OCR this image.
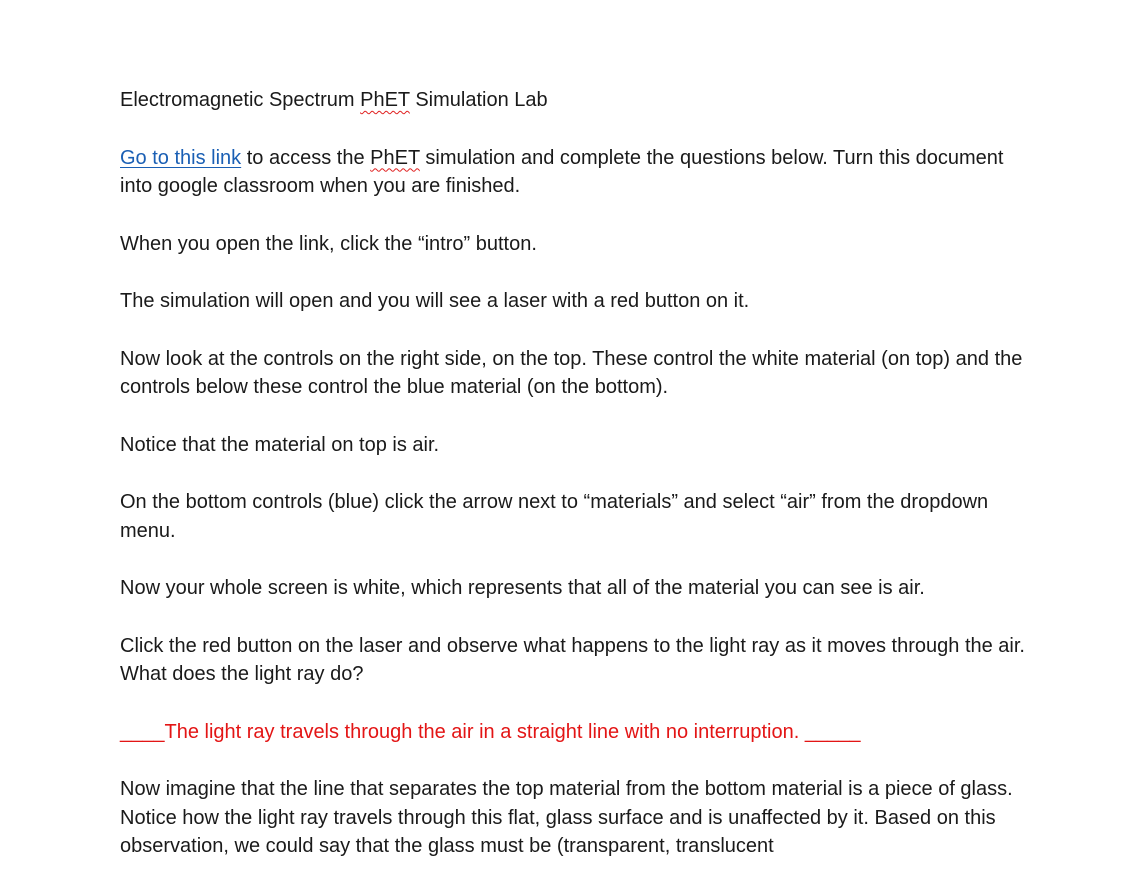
Electromagnetic Spectrum PhET Simulation Lab

Go to this link to access the PhET simulation and complete the questions below. Turn this document into google classroom when you are finished.

When you open the link, click the “intro” button.

The simulation will open and you will see a laser with a red button on it.

Now look at the controls on the right side, on the top. These control the white material (on top) and the controls below these control the blue material (on the bottom).

Notice that the material on top is air.

On the bottom controls (blue) click the arrow next to “materials” and select “air” from the dropdown menu.

Now your whole screen is white, which represents that all of the material you can see is air.

Click the red button on the laser and observe what happens to the light ray as it moves through the air. What does the light ray do?

____The light ray travels through the air in a straight line with no interruption. _____

Now imagine that the line that separates the top material from the bottom material is a piece of glass. Notice how the light ray travels through this flat, glass surface and is unaffected by it. Based on this observation, we could say that the glass must be (transparent, translucent
